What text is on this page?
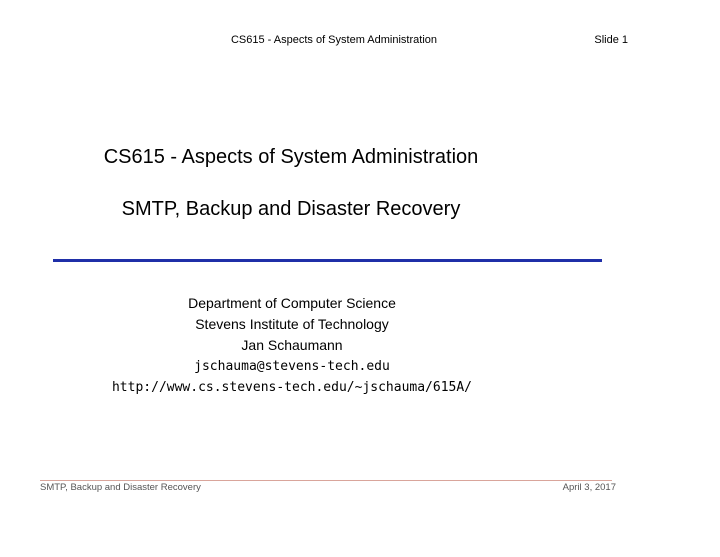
CS615 - Aspects of System Administration	Slide 1
CS615 - Aspects of System Administration
SMTP, Backup and Disaster Recovery
Department of Computer Science
Stevens Institute of Technology
Jan Schaumann
jschauma@stevens-tech.edu
http://www.cs.stevens-tech.edu/~jschauma/615A/
SMTP, Backup and Disaster Recovery	April 3, 2017
